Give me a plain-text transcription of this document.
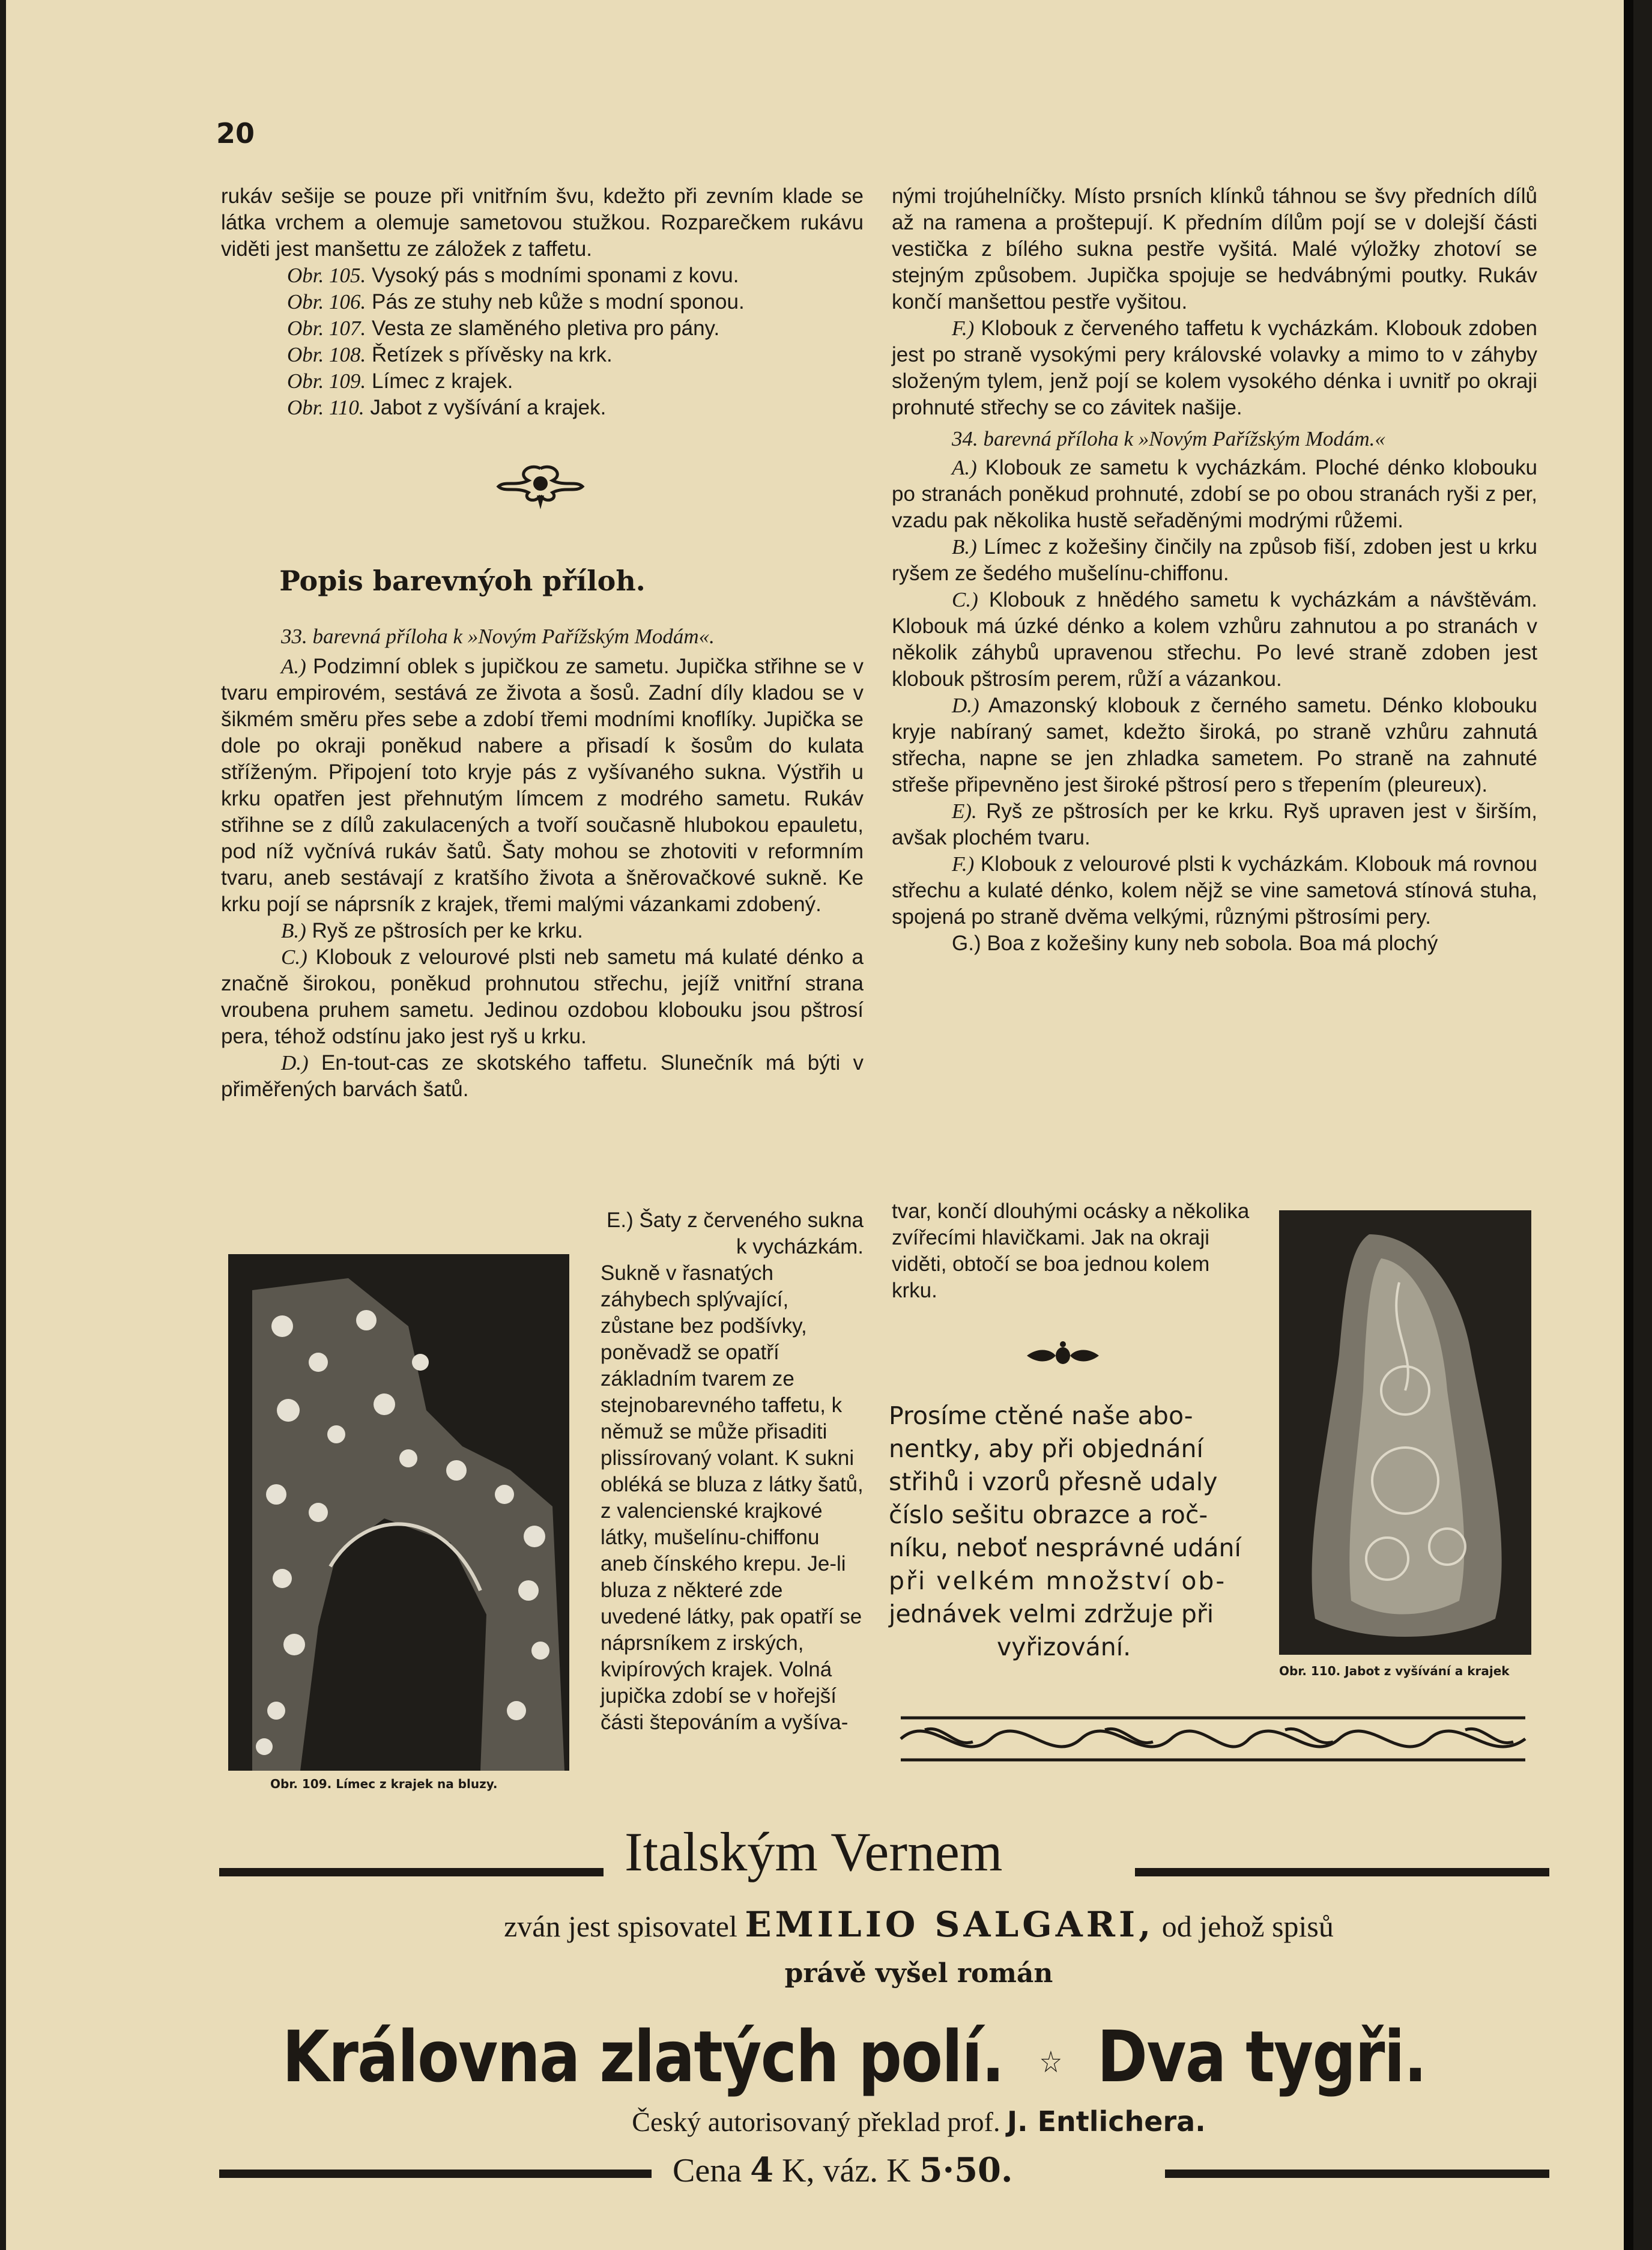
20

rukáv sešije se pouze při vnitřním švu, kdežto při zevním klade se látka vrchem a olemuje sametovou stužkou. Rozparečkem rukávu viděti jest manšettu ze záložek z taffetu.

Obr. 105. Vysoký pás s modními sponami z kovu.
Obr. 106. Pás ze stuhy neb kůže s modní sponou.
Obr. 107. Vesta ze slaměného pletiva pro pány.
Obr. 108. Řetízek s přívěsky na krk.
Obr. 109. Límec z krajek.
Obr. 110. Jabot z vyšívání a krajek.
Popis barevnýoh příloh.

33. barevná příloha k »Novým Pařížským Modám«.

A.) Podzimní oblek s jupičkou ze sametu. Jupička střihne se v tvaru empirovém, sestává ze života a šosů. Zadní díly kladou se v šikmém směru přes sebe a zdobí třemi modními knoflíky. Jupička se dole po okraji poněkud nabere a přisadí k šosům do kulata stříženým. Připojení toto kryje pás z vyšívaného sukna. Výstřih u krku opatřen jest přehnutým límcem z modrého sametu. Rukáv střihne se z dílů zakulacených a tvoří současně hlubokou epauletu, pod níž vyčnívá rukáv šatů. Šaty mohou se zhotoviti v reformním tvaru, aneb sestávají z kratšího života a šněrovačkové sukně. Ke krku pojí se náprsník z krajek, třemi malými vázankami zdobený.

B.) Ryš ze pštrosích per ke krku.

C.) Klobouk z velourové plsti neb sametu má kulaté dénko a značně širokou, poněkud prohnutou střechu, jejíž vnitřní strana vroubena pruhem sametu. Jedinou ozdobou klobouku jsou pštrosí pera, téhož odstínu jako jest ryš u krku.

D.) En-tout-cas ze skotského taffetu. Slunečník má býti v přiměřených barvách šatů.

E.) Šaty z červeného sukna k vycházkám.

Sukně v řasnatých záhybech splývající, zůstane bez podšívky, poněvadž se opatří základním tvarem ze stejnobarevného taffetu, k němuž se může přisaditi plissírovaný volant. K sukni obléká se bluza z látky šatů, z valencienské krajkové látky, mušelínu-chiffonu aneb čínského krepu. Je-li bluza z některé zde uvedené látky, pak opatří se náprsníkem z irských, kvipírových krajek. Volná jupička zdobí se v hořejší části štepováním a vyšíva-

Obr. 109. Límec z krajek na bluzy.

nými trojúhelníčky. Místo prsních klínků táhnou se švy předních dílů až na ramena a proštepují. K předním dílům pojí se v dolejší části vestička z bílého sukna pestře vyšitá. Malé výložky zhotoví se stejným způsobem. Jupička spojuje se hedvábnými poutky. Rukáv končí manšettou pestře vyšitou.

F.) Klobouk z červeného taffetu k vycházkám. Klobouk zdoben jest po straně vysokými pery královské volavky a mimo to v záhyby složeným tylem, jenž pojí se kolem vysokého dénka i uvnitř po okraji prohnuté střechy se co závitek našije.

34. barevná příloha k »Novým Pařížským Modám.«

A.) Klobouk ze sametu k vycházkám. Ploché dénko klobouku po stranách poněkud prohnuté, zdobí se po obou stranách ryši z per, vzadu pak několika hustě seřaděnými modrými růžemi.

B.) Límec z kožešiny činčily na způsob fiší, zdoben jest u krku ryšem ze šedého mušelínu-chiffonu.

C.) Klobouk z hnědého sametu k vycházkám a návštěvám. Klobouk má úzké dénko a kolem vzhůru zahnutou a po stranách v několik záhybů upravenou střechu. Po levé straně zdoben jest klobouk pštrosím perem, růží a vázankou.

D.) Amazonský klobouk z černého sametu. Dénko klobouku kryje nabíraný samet, kdežto široká, po straně vzhůru zahnutá střecha, napne se jen zhladka sametem. Po straně na zahnuté střeše připevněno jest široké pštrosí pero s třepením (pleureux).

E). Ryš ze pštrosích per ke krku. Ryš upraven jest v širším, avšak plochém tvaru.

F.) Klobouk z velourové plsti k vycházkám. Klobouk má rovnou střechu a kulaté dénko, kolem nějž se vine sametová stínová stuha, spojená po straně dvěma velkými, různými pštrosími pery.

G.) Boa z kožešiny kuny neb sobola. Boa má plochý

tvar, končí dlouhými ocásky a několika zvířecími hlavičkami. Jak na okraji viděti, obtočí se boa jednou kolem krku.

Prosíme ctěné naše abo-
nentky, aby při objednání
střihů i vzorů přesně udaly
číslo sešitu obrazce a roč-
níku, neboť nesprávné udání
při velkém množství ob-
jednávek velmi zdržuje při
vyřizování.
Obr. 110. Jabot z vyšívání a krajek
Italským Vernem
zván jest spisovatel EMILIO SALGARI, od jehož spisů
právě vyšel román
Královna zlatých polí. ☆ Dva tygři.
Český autorisovaný překlad prof. J. Entlichera.
Cena 4 K, váz. K 5·50.
